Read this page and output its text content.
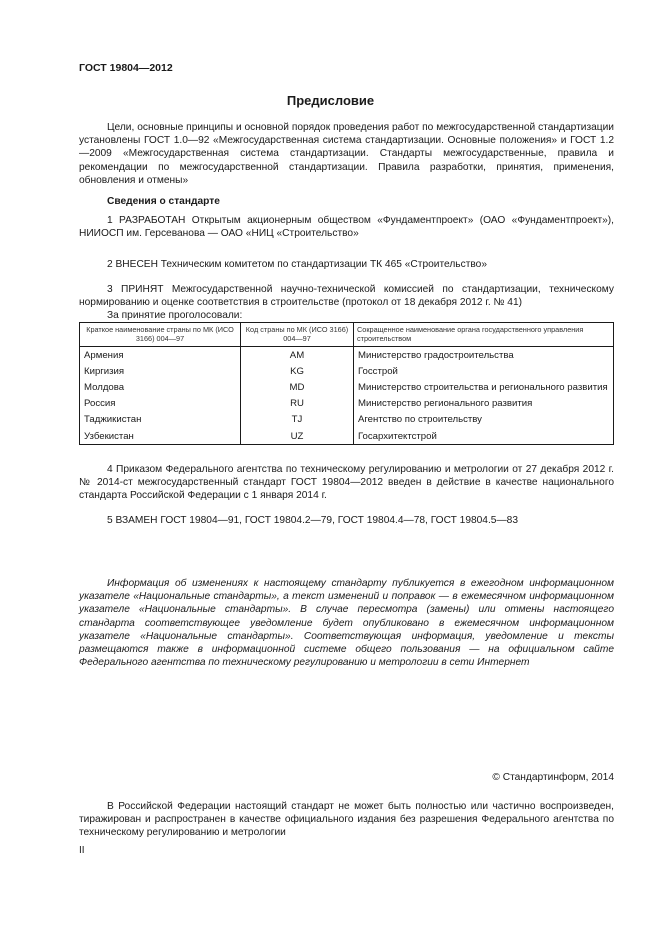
ГОСТ 19804—2012
Предисловие
Цели, основные принципы и основной порядок проведения работ по межгосударственной стандартизации установлены ГОСТ 1.0—92 «Межгосударственная система стандартизации. Основные положения» и ГОСТ 1.2—2009 «Межгосударственная система стандартизации. Стандарты межгосударственные, правила и рекомендации по межгосударственной стандартизации. Правила разработки, принятия, применения, обновления и отмены»
Сведения о стандарте
1 РАЗРАБОТАН Открытым акционерным обществом «Фундаментпроект» (ОАО «Фундаментпроект»), НИИОСП им. Герсеванова — ОАО «НИЦ «Строительство»
2 ВНЕСЕН Техническим комитетом по стандартизации ТК 465 «Строительство»
3 ПРИНЯТ Межгосударственной научно-технической комиссией по стандартизации, техническому нормированию и оценке соответствия в строительстве (протокол от 18 декабря 2012 г. № 41)
За принятие проголосовали:
Краткое наименование страны по МК (ИСО 3166) 004—97	Код страны по МК (ИСО 3166) 004—97	Сокращенное наименование органа государственного управления строительством
Армения	AM	Министерство градостроительства
Киргизия	KG	Госстрой
Молдова	MD	Министерство строительства и регионального развития
Россия	RU	Министерство регионального развития
Таджикистан	TJ	Агентство по строительству
Узбекистан	UZ	Госархитектстрой
4 Приказом Федерального агентства по техническому регулированию и метрологии от 27 декабря 2012 г. № 2014-ст межгосударственный стандарт ГОСТ 19804—2012 введен в действие в качестве национального стандарта Российской Федерации с 1 января 2014 г.
5 ВЗАМЕН ГОСТ 19804—91, ГОСТ 19804.2—79, ГОСТ 19804.4—78, ГОСТ 19804.5—83
Информация об изменениях к настоящему стандарту публикуется в ежегодном информационном указателе «Национальные стандарты», а текст изменений и поправок — в ежемесячном информационном указателе «Национальные стандарты». В случае пересмотра (замены) или отмены настоящего стандарта соответствующее уведомление будет опубликовано в ежемесячном информационном указателе «Национальные стандарты». Соответствующая информация, уведомление и тексты размещаются также в информационной системе общего пользования — на официальном сайте Федерального агентства по техническому регулированию и метрологии в сети Интернет
© Стандартинформ, 2014
В Российской Федерации настоящий стандарт не может быть полностью или частично воспроизведен, тиражирован и распространен в качестве официального издания без разрешения Федерального агентства по техническому регулированию и метрологии
II
